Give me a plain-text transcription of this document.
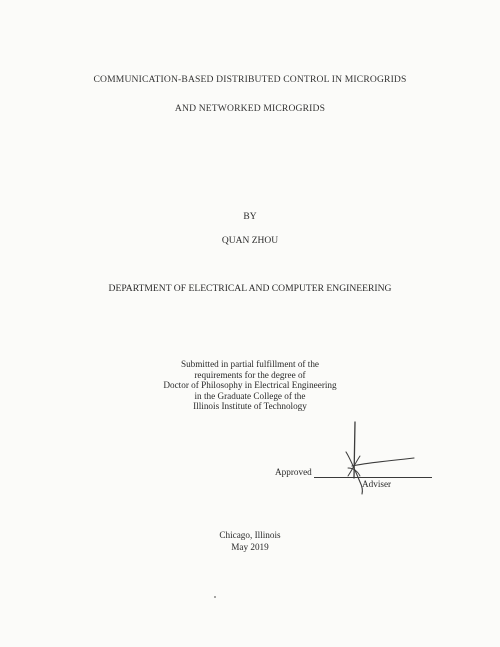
COMMUNICATION-BASED DISTRIBUTED CONTROL IN MICROGRIDS
AND NETWORKED MICROGRIDS
BY
QUAN ZHOU
DEPARTMENT OF ELECTRICAL AND COMPUTER ENGINEERING
Submitted in partial fulfillment of the
requirements for the degree of
Doctor of Philosophy in Electrical Engineering
in the Graduate College of the
Illinois Institute of Technology
Approved
Adviser
Chicago, Illinois
May 2019
